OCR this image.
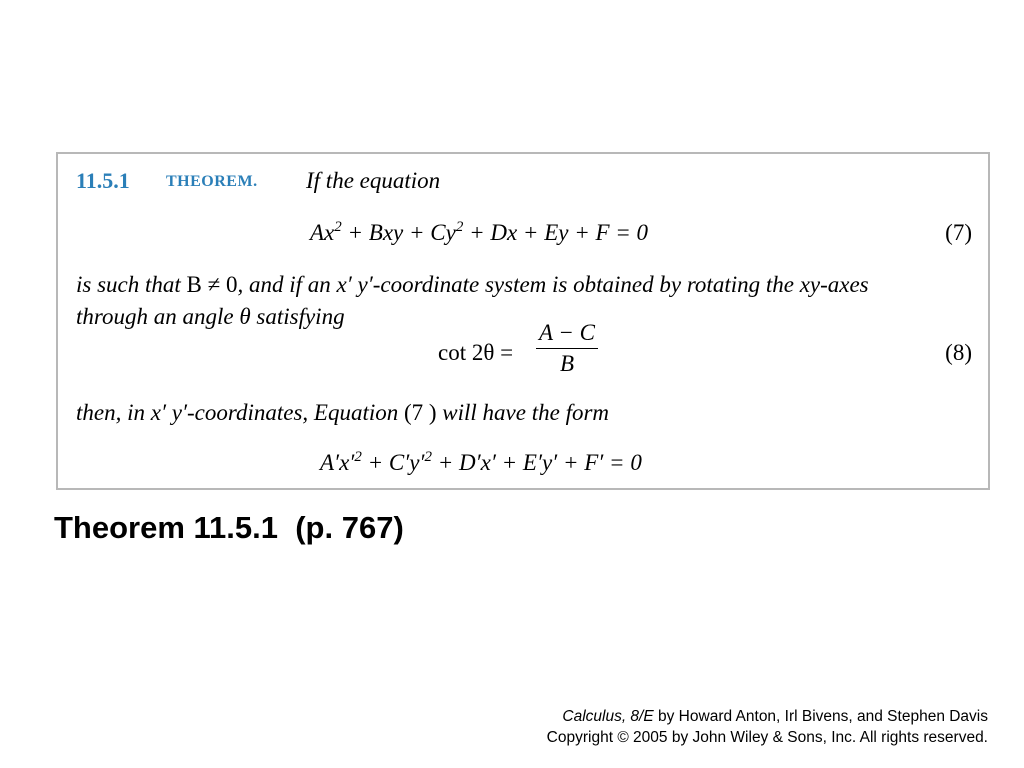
11.5.1 THEOREM. If the equation
$Ax^2$ + Bxy + $Cy^2 + Dx + Ey + F = 0$	(7)
is such that B ≠ 0, and if an x′ y′-coordinate system is obtained by rotating the xy-axes
through an angle θ satisfying
$\cot 2\theta = \frac{A - C}{B}$	(8)
then, in x′ y′-coordinates, Equation (7 ) will have the form
$A'x'^2 + C'y'^2 + D'x' + E'y' + F' = 0$
Theorem 11.5.1  (p. 767)
Calculus, 8/E by Howard Anton, Irl Bivens, and Stephen Davis
Copyright © 2005 by John Wiley & Sons, Inc. All rights reserved.
